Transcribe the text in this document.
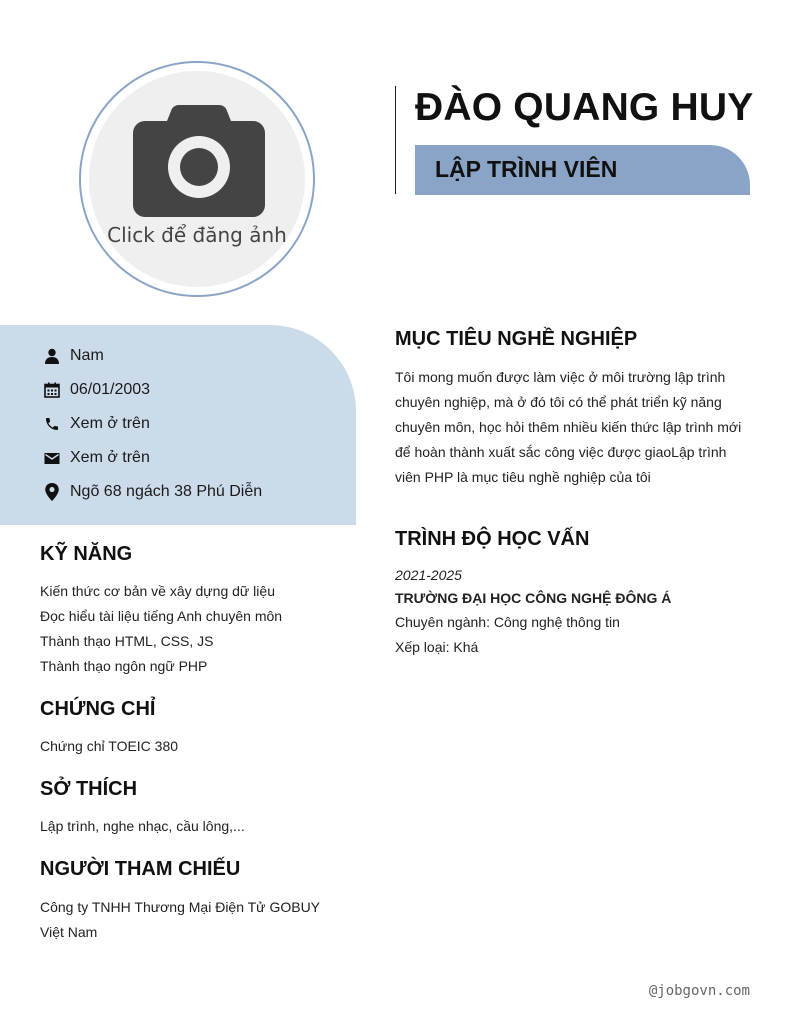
Click để đăng ảnh
ĐÀO QUANG HUY
LẬP TRÌNH VIÊN
Nam
06/01/2003
Xem ở trên
Xem ở trên
Ngõ 68 ngách 38 Phú Diễn
KỸ NĂNG
Kiến thức cơ bản về xây dựng dữ liệu
Đọc hiểu tài liệu tiếng Anh chuyên môn
Thành thạo HTML, CSS, JS
Thành thạo ngôn ngữ PHP
CHỨNG CHỈ
Chứng chỉ TOEIC 380
SỞ THÍCH
Lập trình, nghe nhạc, cầu lông,...
NGƯỜI THAM CHIẾU
Công ty TNHH Thương Mại Điện Tử GOBUY Việt Nam
MỤC TIÊU NGHỀ NGHIỆP
Tôi mong muốn được làm việc ở môi trường lập trình chuyên nghiệp, mà ở đó tôi có thể phát triển kỹ năng chuyên môn, học hỏi thêm nhiều kiến thức lập trình mới để hoàn thành xuất sắc công việc được giaoLập trình viên PHP là mục tiêu nghề nghiệp của tôi
TRÌNH ĐỘ HỌC VẤN
2021-2025
TRƯỜNG ĐẠI HỌC CÔNG NGHỆ ĐÔNG Á
Chuyên ngành: Công nghệ thông tin
Xếp loại: Khá
@jobgovn.com
